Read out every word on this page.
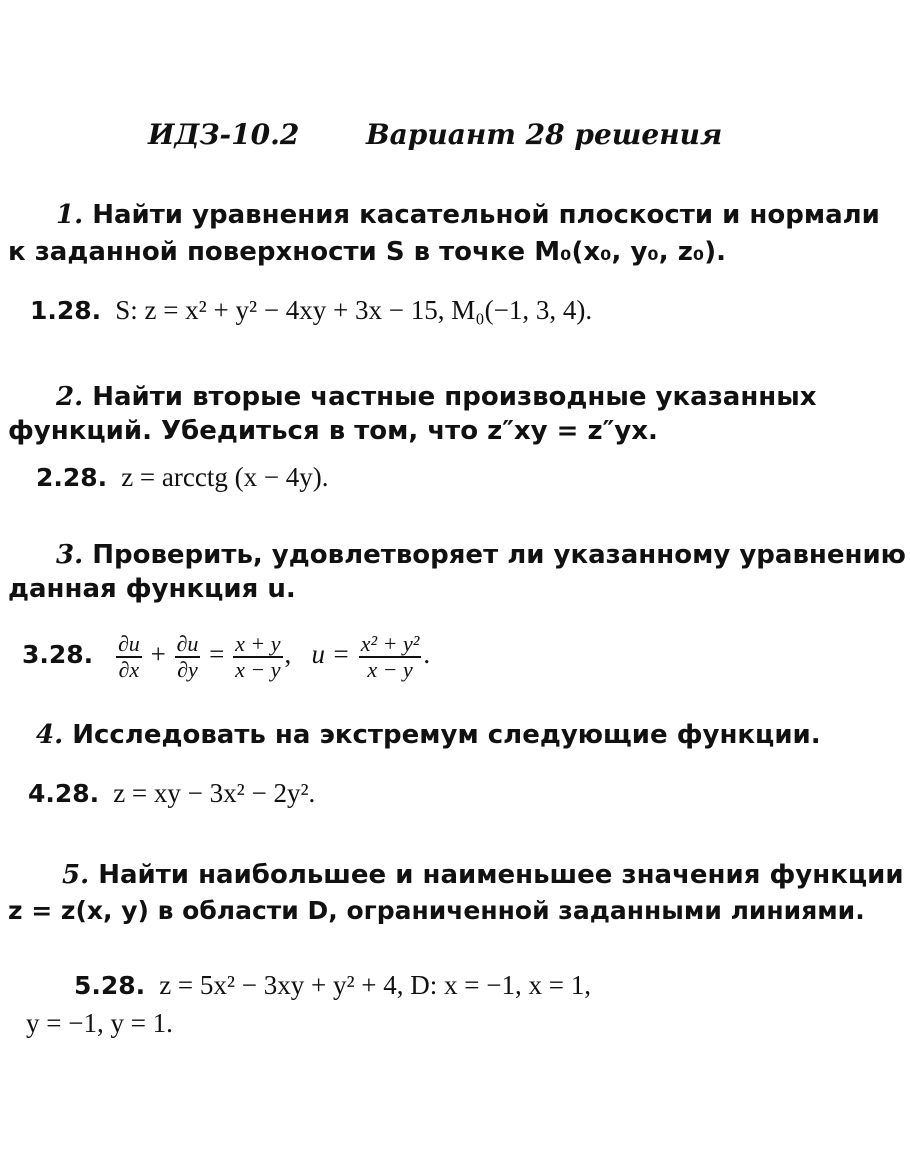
ИДЗ-10.2 Вариант 28 решения
1. Найти уравнения касательной плоскости и нормали
к заданной поверхности S в точке M₀(x₀, y₀, z₀).
1.28. S: z = x² + y² − 4xy + 3x − 15, M₀(−1, 3, 4).
2. Найти вторые частные производные указанных
функций. Убедиться в том, что z″xy = z″yx.
2.28. z = arcctg (x − 4y).
3. Проверить, удовлетворяет ли указанному уравнению
данная функция u.
3.28. $\frac{\partial u}{\partial x} + \frac{\partial u}{\partial y} = \frac{x + y}{x - y}$ ,   $u = \frac{\text{x² + y²}}{x - y}$ .
4. Исследовать на экстремум следующие функции.
4.28. z = xy − 3x² − 2y².
5. Найти наибольшее и наименьшее значения функции
z = z(x, y) в области D, ограниченной заданными линиями.
5.28. z = 5x² − 3xy + y² + 4, D: x = −1, x = 1,
y = −1, y = 1.
